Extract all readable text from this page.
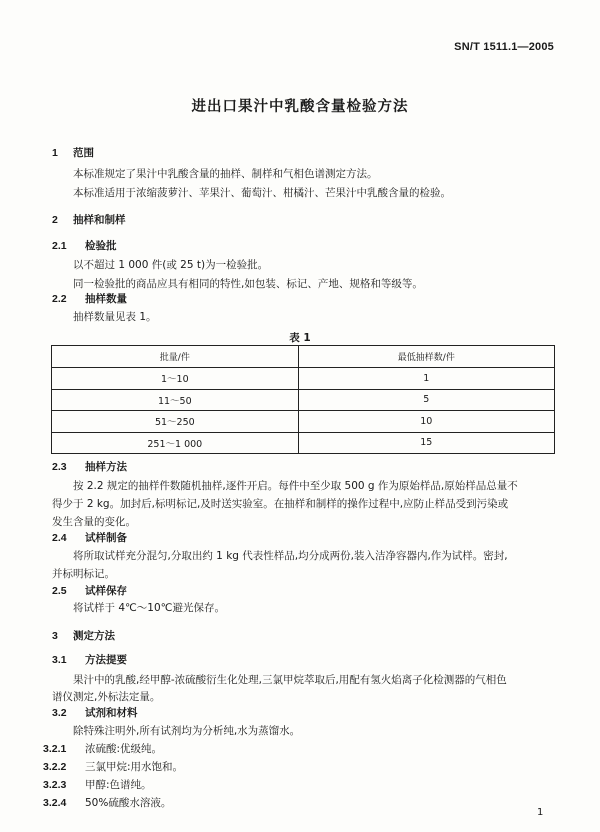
SN/T 1511.1—2005
进出口果汁中乳酸含量检验方法
1 范围
本标准规定了果汁中乳酸含量的抽样、制样和气相色谱测定方法。
本标准适用于浓缩菠萝汁、苹果汁、葡萄汁、柑橘汁、芒果汁中乳酸含量的检验。
2 抽样和制样
2.1 检验批
以不超过 1 000 件(或 25 t)为一检验批。
同一检验批的商品应具有相同的特性,如包装、标记、产地、规格和等级等。
2.2 抽样数量
抽样数量见表 1。
表 1
批量/件	最低抽样数/件
1～10	1
11～50	5
51～250	10
251～1 000	15
2.3 抽样方法
按 2.2 规定的抽样件数随机抽样,逐件开启。每件中至少取 500 g 作为原始样品,原始样品总量不
得少于 2 kg。加封后,标明标记,及时送实验室。在抽样和制样的操作过程中,应防止样品受到污染或
发生含量的变化。
2.4 试样制备
将所取试样充分混匀,分取出约 1 kg 代表性样品,均分成两份,装入洁净容器内,作为试样。密封,
并标明标记。
2.5 试样保存
将试样于 4℃～10℃避光保存。
3 测定方法
3.1 方法提要
果汁中的乳酸,经甲醇-浓硫酸衍生化处理,三氯甲烷萃取后,用配有氢火焰离子化检测器的气相色
谱仪测定,外标法定量。
3.2 试剂和材料
除特殊注明外,所有试剂均为分析纯,水为蒸馏水。
3.2.1 浓硫酸:优级纯。
3.2.2 三氯甲烷:用水饱和。
3.2.3 甲醇:色谱纯。
3.2.4 50%硫酸水溶液。
1
